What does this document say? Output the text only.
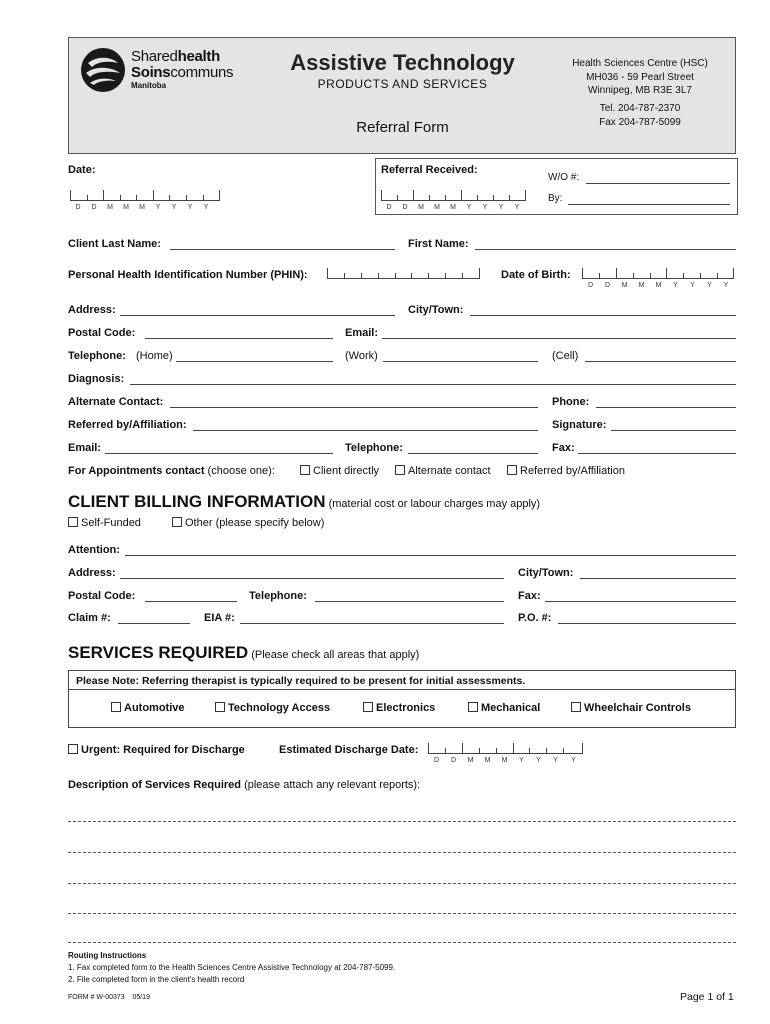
Sharedhealth
Soinscommuns
Manitoba
Assistive Technology
PRODUCTS AND SERVICES
Referral Form
Health Sciences Centre (HSC)
MH036 - 59 Pearl Street
Winnipeg, MB R3E 3L7
Tel. 204-787-2370
Fax 204-787-5099
Date:
D	D	M	M	M	Y	Y	Y	Y
Referral Received:
D	D	M	M	M	Y	Y	Y	Y
W/O #:
By:
Client Last Name:	First Name:
Personal Health Identification Number (PHIN):	Date of Birth:
D	D	M	M	M	Y	Y	Y	Y
Address:	City/Town:
Postal Code:	Email:
Telephone: (Home)	(Work)	(Cell)
Diagnosis:
Alternate Contact:	Phone:
Referred by/Affiliation:	Signature:
Email:	Telephone:	Fax:
For Appointments contact (choose one):	Client directly	Alternate contact	Referred by/Affiliation
CLIENT BILLING INFORMATION (material cost or labour charges may apply)
Self-Funded	Other (please specify below)
Attention:
Address:	City/Town:
Postal Code:	Telephone:	Fax:
Claim #:	EIA #:	P.O. #:
SERVICES REQUIRED (Please check all areas that apply)
Please Note: Referring therapist is typically required to be present for initial assessments.
Automotive	Technology Access	Electronics	Mechanical	Wheelchair Controls
Urgent: Required for Discharge	Estimated Discharge Date:
D	D	M	M	M	Y	Y	Y	Y
Description of Services Required (please attach any relevant reports):
Routing Instructions
1. Fax completed form to the Health Sciences Centre Assistive Technology at 204-787-5099.
2. File completed form in the client's health record
FORM # W-00373 05/19	Page 1 of 1
